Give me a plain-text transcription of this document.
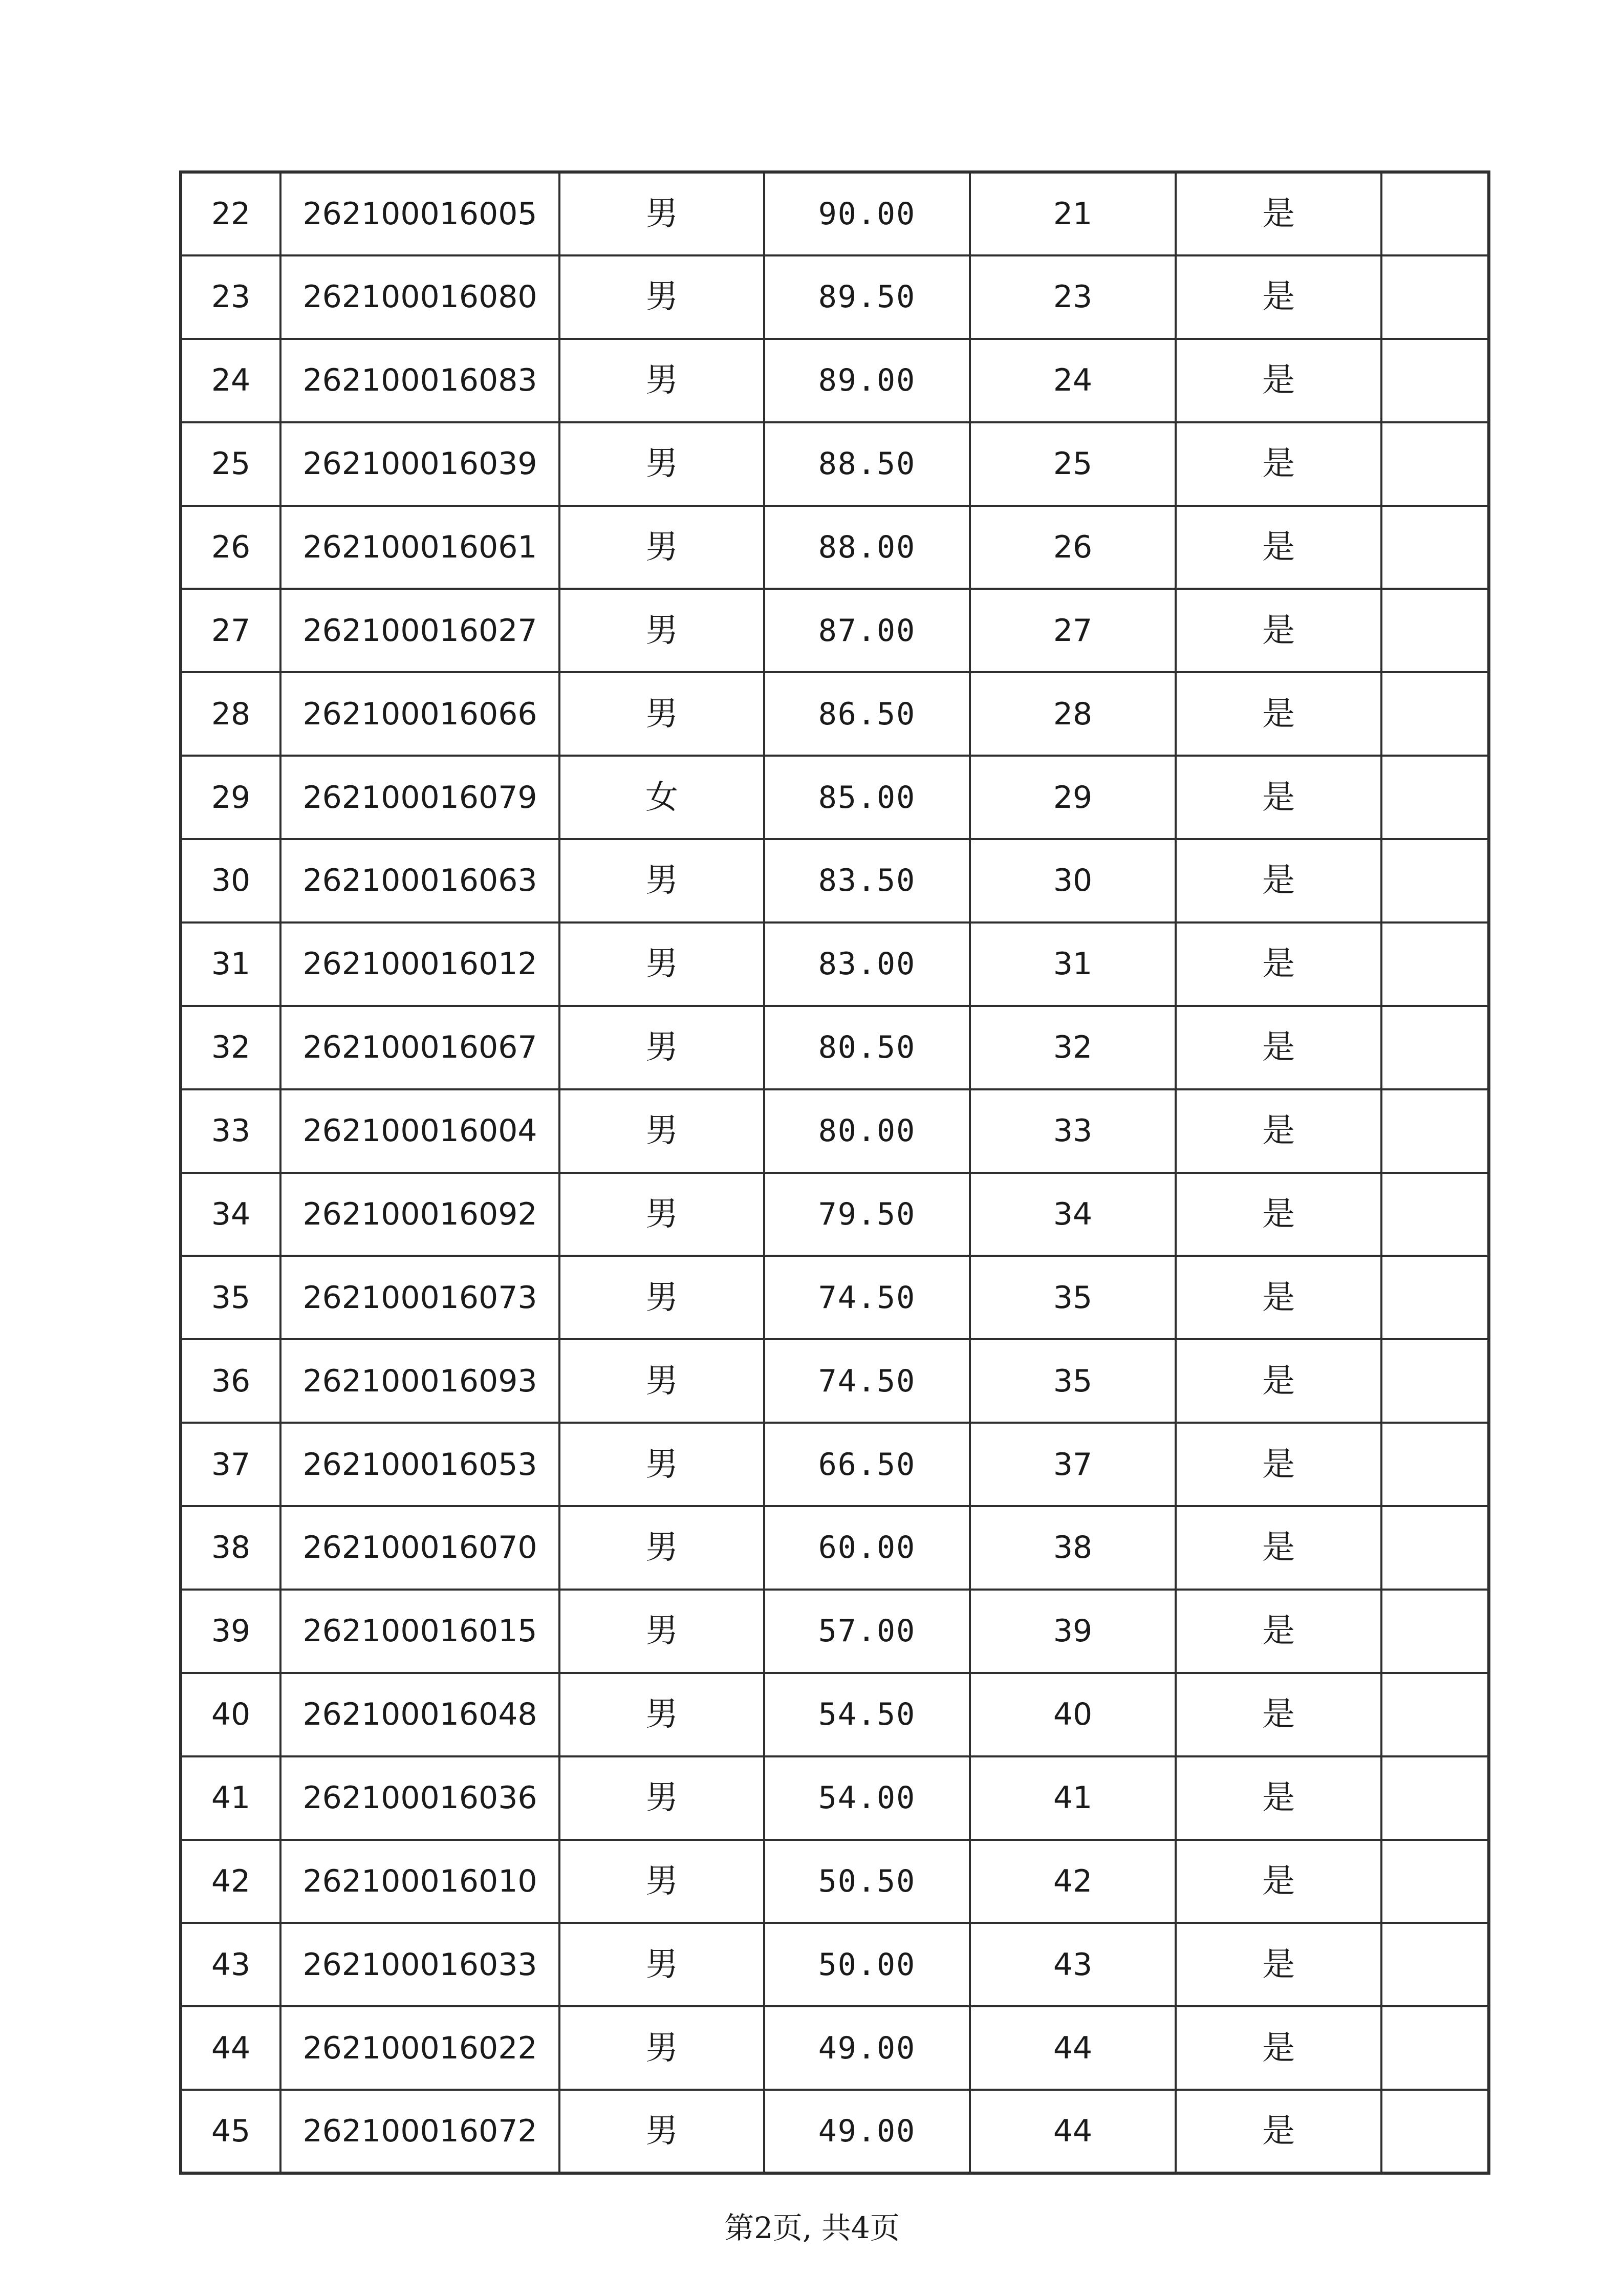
22	262100016005	男	90.00	21	是	
23	262100016080	男	89.50	23	是	
24	262100016083	男	89.00	24	是	
25	262100016039	男	88.50	25	是	
26	262100016061	男	88.00	26	是	
27	262100016027	男	87.00	27	是	
28	262100016066	男	86.50	28	是	
29	262100016079	女	85.00	29	是	
30	262100016063	男	83.50	30	是	
31	262100016012	男	83.00	31	是	
32	262100016067	男	80.50	32	是	
33	262100016004	男	80.00	33	是	
34	262100016092	男	79.50	34	是	
35	262100016073	男	74.50	35	是	
36	262100016093	男	74.50	35	是	
37	262100016053	男	66.50	37	是	
38	262100016070	男	60.00	38	是	
39	262100016015	男	57.00	39	是	
40	262100016048	男	54.50	40	是	
41	262100016036	男	54.00	41	是	
42	262100016010	男	50.50	42	是	
43	262100016033	男	50.00	43	是	
44	262100016022	男	49.00	44	是	
45	262100016072	男	49.00	44	是	
第2页, 共4页
